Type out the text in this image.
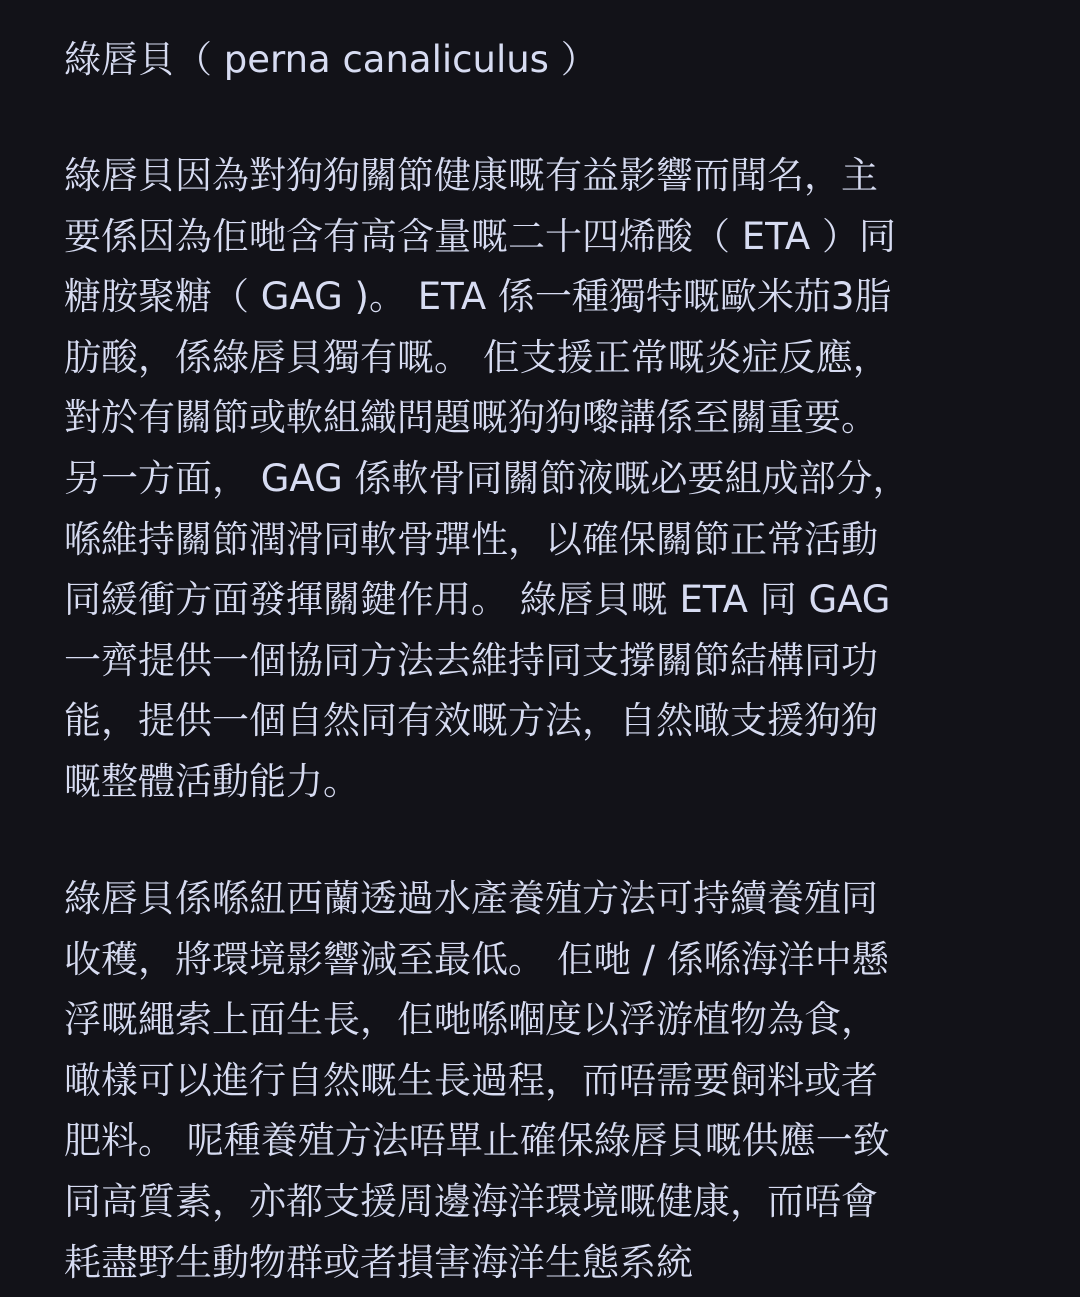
綠唇貝（ perna canaliculus ）
綠唇貝因為對狗狗關節健康嘅有益影響而聞名，主
要係因為佢哋含有高含量嘅二十四烯酸（ ETA ）同
糖胺聚糖（ GAG )。 ETA 係一種獨特嘅歐米茄3脂
肪酸，係綠唇貝獨有嘅。 佢支援正常嘅炎症反應，
對於有關節或軟組織問題嘅狗狗嚟講係至關重要。
另一方面， GAG 係軟骨同關節液嘅必要組成部分，
喺維持關節潤滑同軟骨彈性，以確保關節正常活動
同緩衝方面發揮關鍵作用。 綠唇貝嘅 ETA 同 GAG
一齊提供一個協同方法去維持同支撐關節結構同功
能，提供一個自然同有效嘅方法，自然噉支援狗狗
嘅整體活動能力。
綠唇貝係喺紐西蘭透過水產養殖方法可持續養殖同
收穫，將環境影響減至最低。 佢哋 / 係喺海洋中懸
浮嘅繩索上面生長，佢哋喺嗰度以浮游植物為食，
噉樣可以進行自然嘅生長過程，而唔需要飼料或者
肥料。 呢種養殖方法唔單止確保綠唇貝嘅供應一致
同高質素，亦都支援周邊海洋環境嘅健康，而唔會
耗盡野生動物群或者損害海洋生態系統
